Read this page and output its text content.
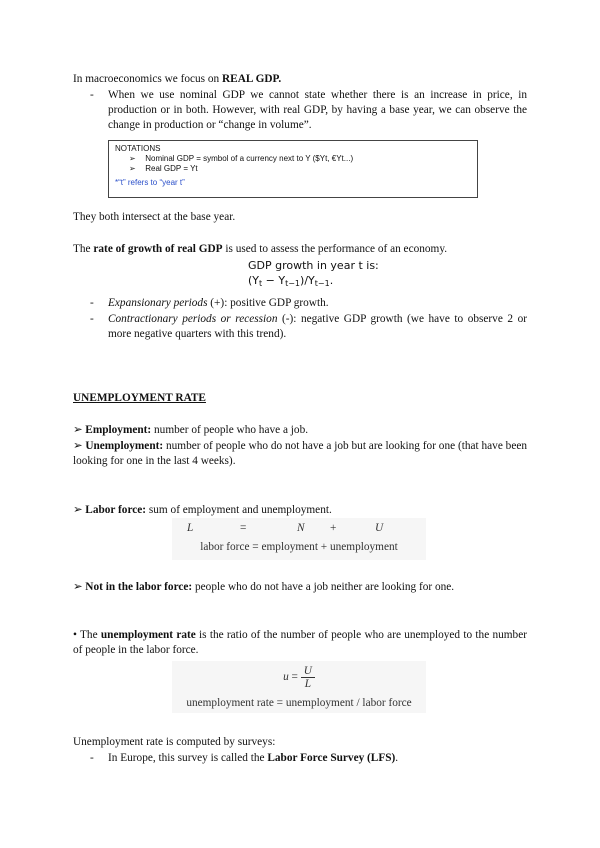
In macroeconomics we focus on REAL GDP.
- When we use nominal GDP we cannot state whether there is an increase in price, in production or in both. However, with real GDP, by having a base year, we can observe the change in production or “change in volume”.
NOTATIONS
➢ Nominal GDP = symbol of a currency next to Y ($Yt, €Yt...)
➢ Real GDP = Yt
*“t” refers to “year t”
They both intersect at the base year.
The rate of growth of real GDP is used to assess the performance of an economy.
GDP growth in year t is:
$(Y_t - Y_{t-1})/Y_{t-1}$.
- Expansionary periods (+): positive GDP growth.
- Contractionary periods or recession (-): negative GDP growth (we have to observe 2 or more negative quarters with this trend).
UNEMPLOYMENT RATE
➢ Employment: number of people who have a job.
➢ Unemployment: number of people who do not have a job but are looking for one (that have been looking for one in the last 4 weeks).
➢ Labor force: sum of employment and unemployment.
L	=	N +	U
labor force = employment + unemployment
➢ Not in the labor force: people who do not have a job neither are looking for one.
• The unemployment rate is the ratio of the number of people who are unemployed to the number of people in the labor force.
$u = \frac{U}{L}$
unemployment rate = unemployment / labor force
Unemployment rate is computed by surveys:
- In Europe, this survey is called the Labor Force Survey (LFS).
